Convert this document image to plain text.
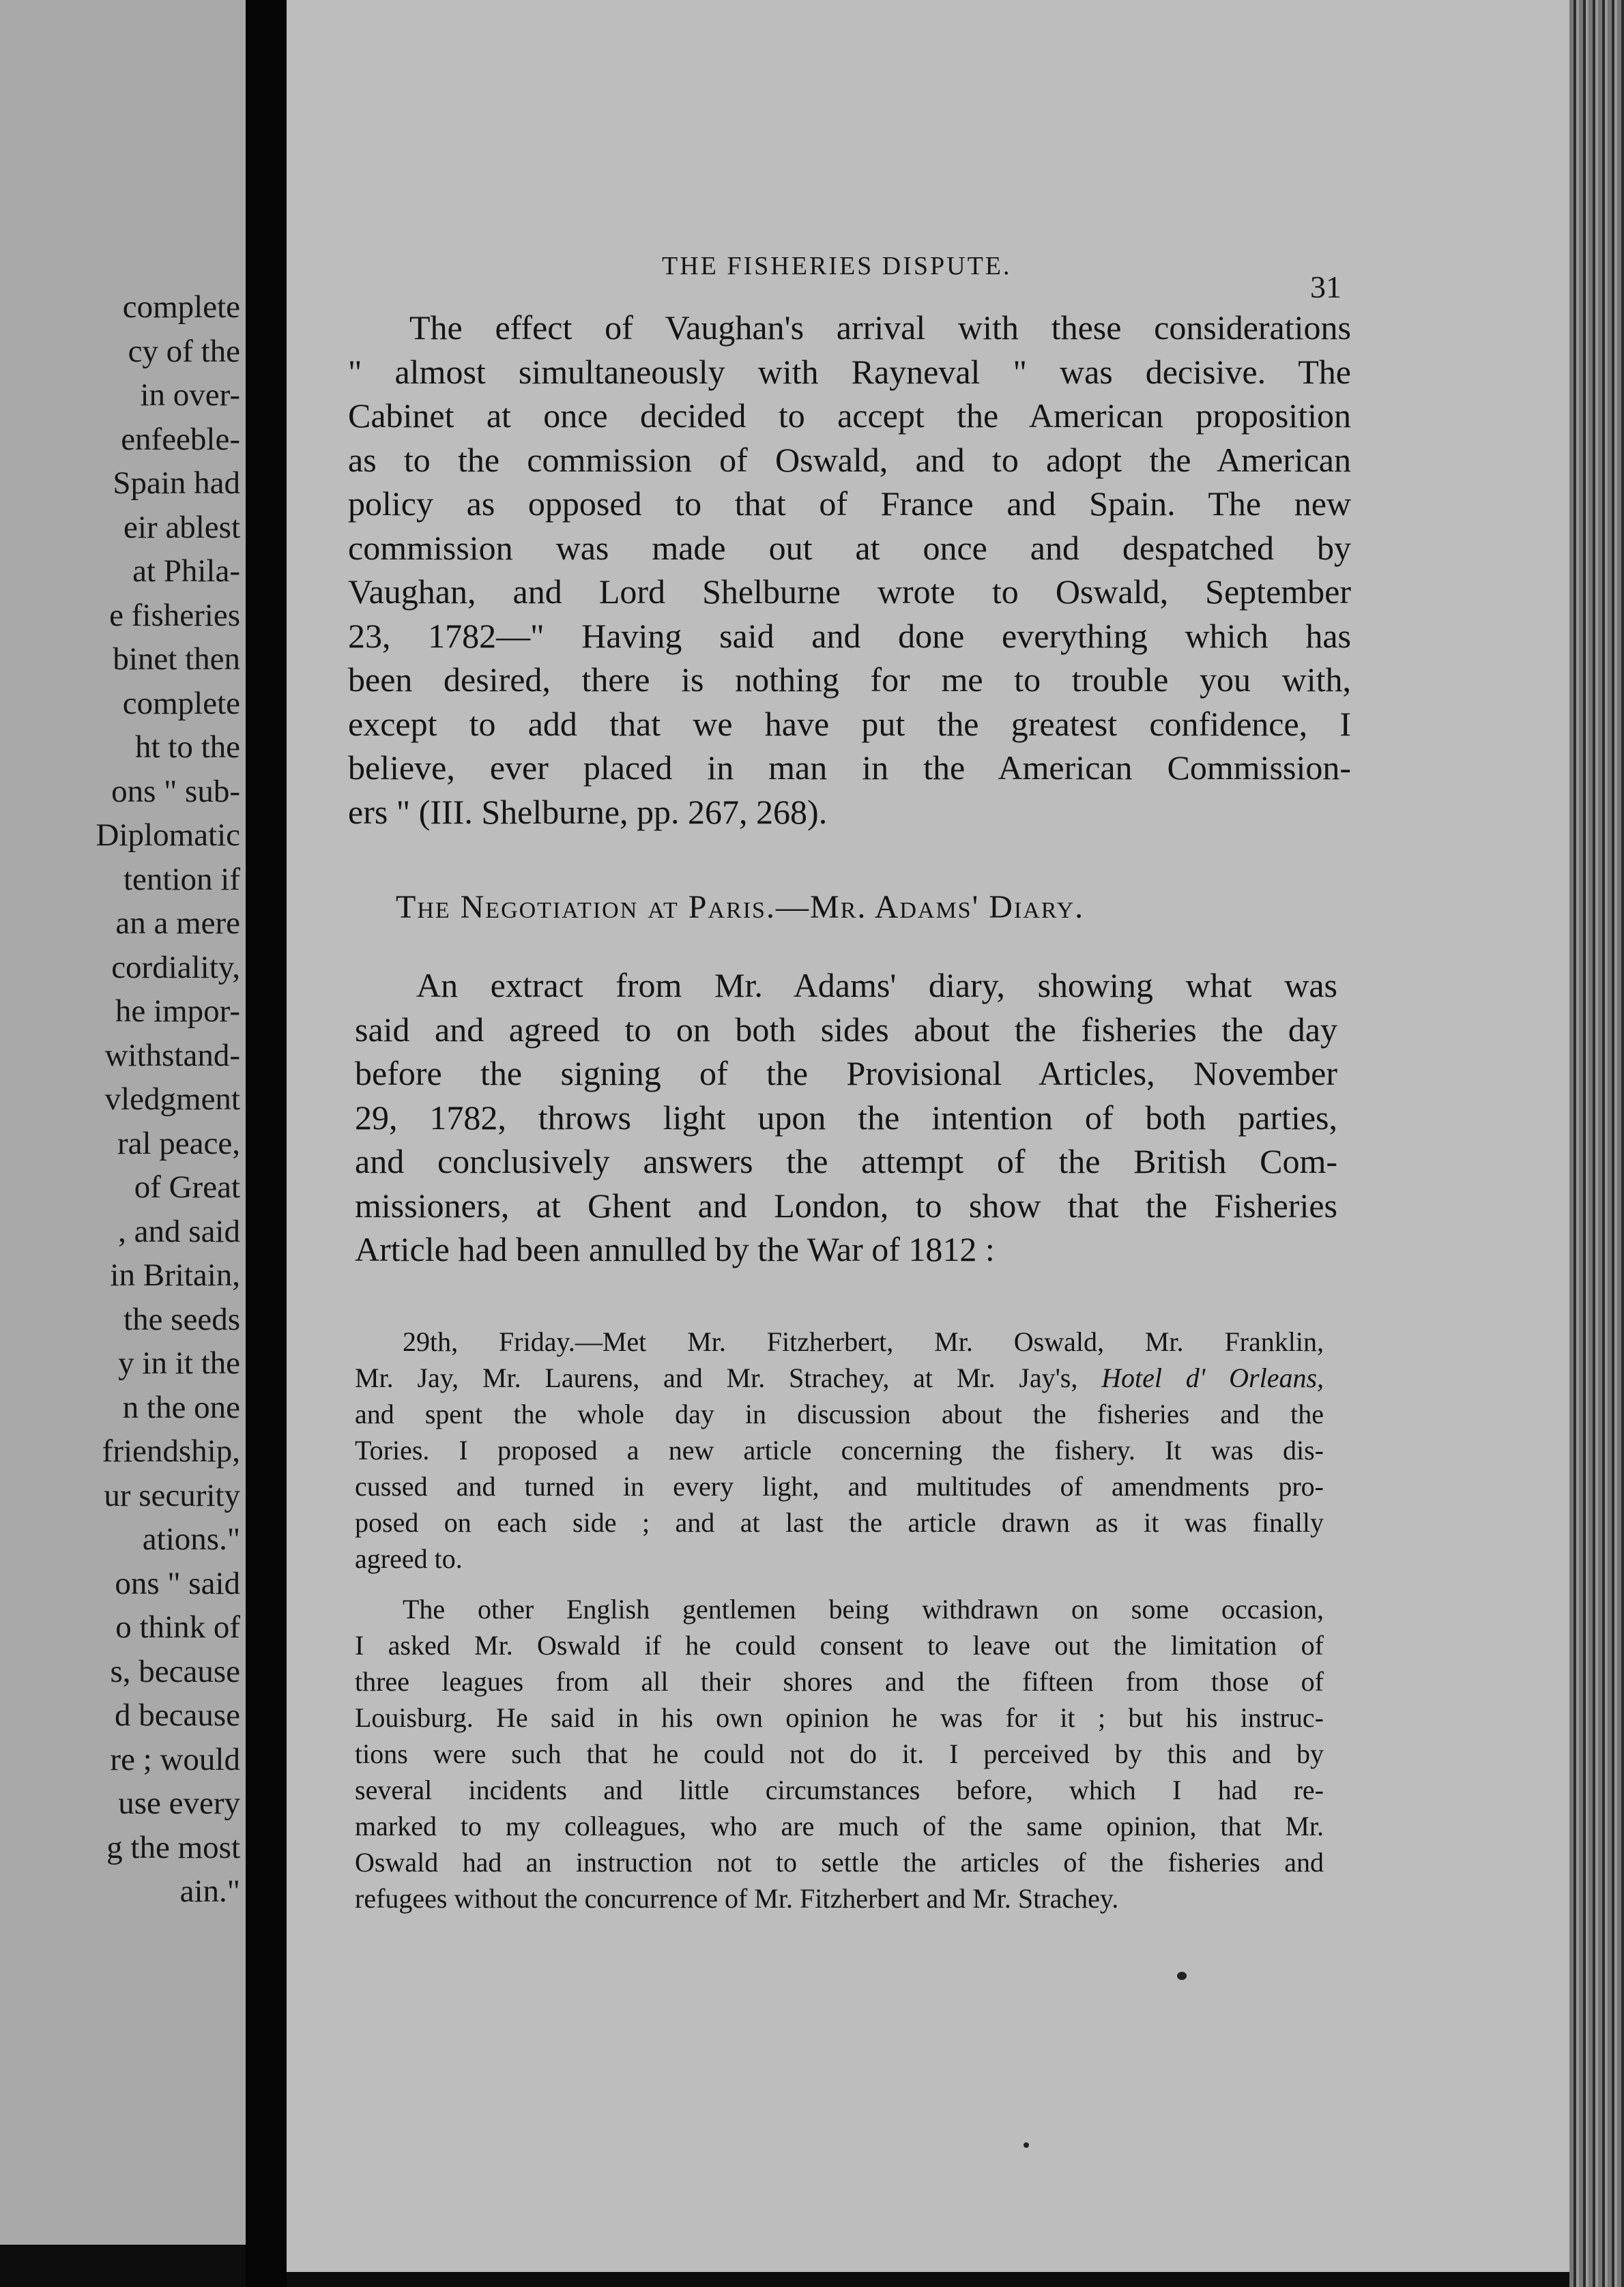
complete
cy of the
in over-
enfeeble-
Spain had
eir ablest
at Phila-
e fisheries
binet then
complete
ht to the
ons " sub-
Diplomatic
tention if
an a mere
cordiality,
he impor-
withstand-
vledgment
ral peace,
of Great
, and said
in Britain,
the seeds
y in it the
n the one
friendship,
ur security
ations."
ons " said
o think of
s, because
d because
re ; would
use every
g the most
ain."
THE FISHERIES DISPUTE.
31
The effect of Vaughan's arrival with these considerations
" almost simultaneously with Rayneval " was decisive. The
Cabinet at once decided to accept the American proposition
as to the commission of Oswald, and to adopt the American
policy as opposed to that of France and Spain. The new
commission was made out at once and despatched by
Vaughan, and Lord Shelburne wrote to Oswald, September
23, 1782—" Having said and done everything which has
been desired, there is nothing for me to trouble you with,
except to add that we have put the greatest confidence, I
believe, ever placed in man in the American Commission-
ers " (III. Shelburne, pp. 267, 268).
The Negotiation at Paris.—Mr. Adams' Diary.
An extract from Mr. Adams' diary, showing what was
said and agreed to on both sides about the fisheries the day
before the signing of the Provisional Articles, November
29, 1782, throws light upon the intention of both parties,
and conclusively answers the attempt of the British Com-
missioners, at Ghent and London, to show that the Fisheries
Article had been annulled by the War of 1812 :
29th, Friday.—Met Mr. Fitzherbert, Mr. Oswald, Mr. Franklin,
Mr. Jay, Mr. Laurens, and Mr. Strachey, at Mr. Jay's, Hotel d' Orleans,
and spent the whole day in discussion about the fisheries and the
Tories. I proposed a new article concerning the fishery. It was dis-
cussed and turned in every light, and multitudes of amendments pro-
posed on each side ; and at last the article drawn as it was finally
agreed to.
The other English gentlemen being withdrawn on some occasion,
I asked Mr. Oswald if he could consent to leave out the limitation of
three leagues from all their shores and the fifteen from those of
Louisburg. He said in his own opinion he was for it ; but his instruc-
tions were such that he could not do it. I perceived by this and by
several incidents and little circumstances before, which I had re-
marked to my colleagues, who are much of the same opinion, that Mr.
Oswald had an instruction not to settle the articles of the fisheries and
refugees without the concurrence of Mr. Fitzherbert and Mr. Strachey.
